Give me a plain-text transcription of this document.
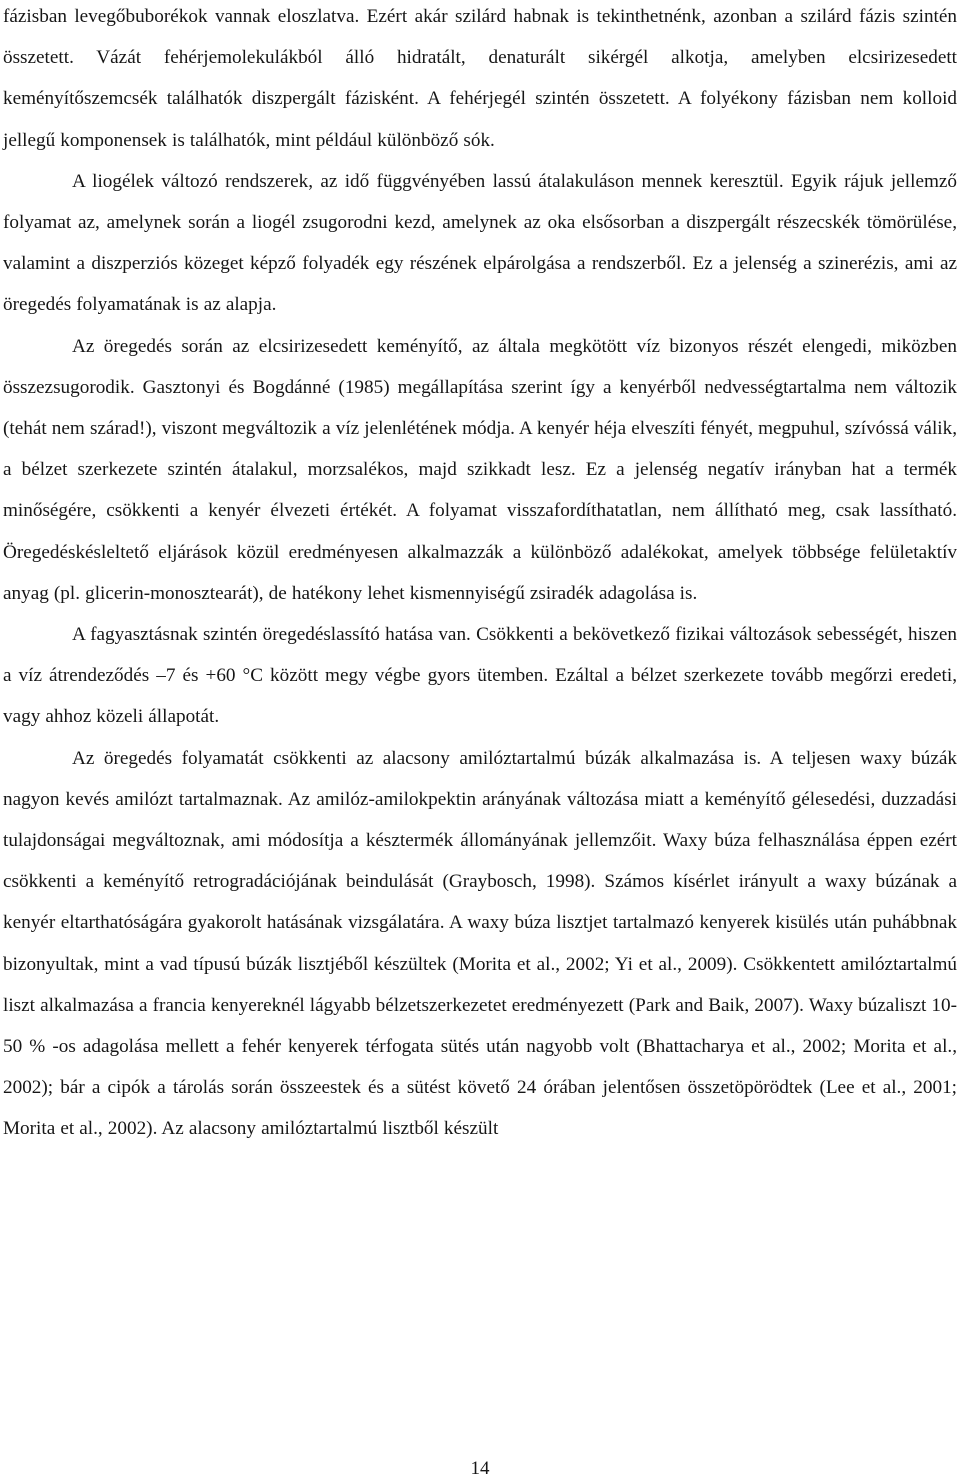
fázisban levegőbuborékok vannak eloszlatva. Ezért akár szilárd habnak is tekinthetnénk, azonban a szilárd fázis szintén összetett. Vázát fehérjemolekulákból álló hidratált, denaturált sikérgél alkotja, amelyben elcsirizesedett keményítőszemcsék találhatók diszpergált fázisként. A fehérjegél szintén összetett. A folyékony fázisban nem kolloid jellegű komponensek is találhatók, mint például különböző sók.

A liogélek változó rendszerek, az idő függvényében lassú átalakuláson mennek keresztül. Egyik rájuk jellemző folyamat az, amelynek során a liogél zsugorodni kezd, amelynek az oka elsősorban a diszpergált részecskék tömörülése, valamint a diszperziós közeget képző folyadék egy részének elpárolgása a rendszerből. Ez a jelenség a szinerézis, ami az öregedés folyamatának is az alapja.

Az öregedés során az elcsirizesedett keményítő, az általa megkötött víz bizonyos részét elengedi, miközben összezsugorodik. Gasztonyi és Bogdánné (1985) megállapítása szerint így a kenyérből nedvességtartalma nem változik (tehát nem szárad!), viszont megváltozik a víz jelenlétének módja. A kenyér héja elveszíti fényét, megpuhul, szívóssá válik, a bélzet szerkezete szintén átalakul, morzsalékos, majd szikkadt lesz. Ez a jelenség negatív irányban hat a termék minőségére, csökkenti a kenyér élvezeti értékét. A folyamat visszafordíthatatlan, nem állítható meg, csak lassítható. Öregedéskésleltető eljárások közül eredményesen alkalmazzák a különböző adalékokat, amelyek többsége felületaktív anyag (pl. glicerin-monosztearát), de hatékony lehet kismennyiségű zsiradék adagolása is.

A fagyasztásnak szintén öregedéslassító hatása van. Csökkenti a bekövetkező fizikai változások sebességét, hiszen a víz átrendeződés –7 és +60 °C között megy végbe gyors ütemben. Ezáltal a bélzet szerkezete tovább megőrzi eredeti, vagy ahhoz közeli állapotát.

Az öregedés folyamatát csökkenti az alacsony amilóztartalmú búzák alkalmazása is. A teljesen waxy búzák nagyon kevés amilózt tartalmaznak. Az amilóz-amilokpektin arányának változása miatt a keményítő gélesedési, duzzadási tulajdonságai megváltoznak, ami módosítja a késztermék állományának jellemzőit. Waxy búza felhasználása éppen ezért csökkenti a keményítő retrogradációjának beindulását (Graybosch, 1998). Számos kísérlet irányult a waxy búzának a kenyér eltarthatóságára gyakorolt hatásának vizsgálatára. A waxy búza lisztjet tartalmazó kenyerek kisülés után puhábbnak bizonyultak, mint a vad típusú búzák lisztjéből készültek (Morita et al., 2002; Yi et al., 2009). Csökkentett amilóztartalmú liszt alkalmazása a francia kenyereknél lágyabb bélzetszerkezetet eredményezett (Park and Baik, 2007). Waxy búzaliszt 10-50 % -os adagolása mellett a fehér kenyerek térfogata sütés után nagyobb volt (Bhattacharya et al., 2002; Morita et al., 2002); bár a cipók a tárolás során összeestek és a sütést követő 24 órában jelentősen összetöpörödtek (Lee et al., 2001; Morita et al., 2002). Az alacsony amilóztartalmú lisztből készült

14
